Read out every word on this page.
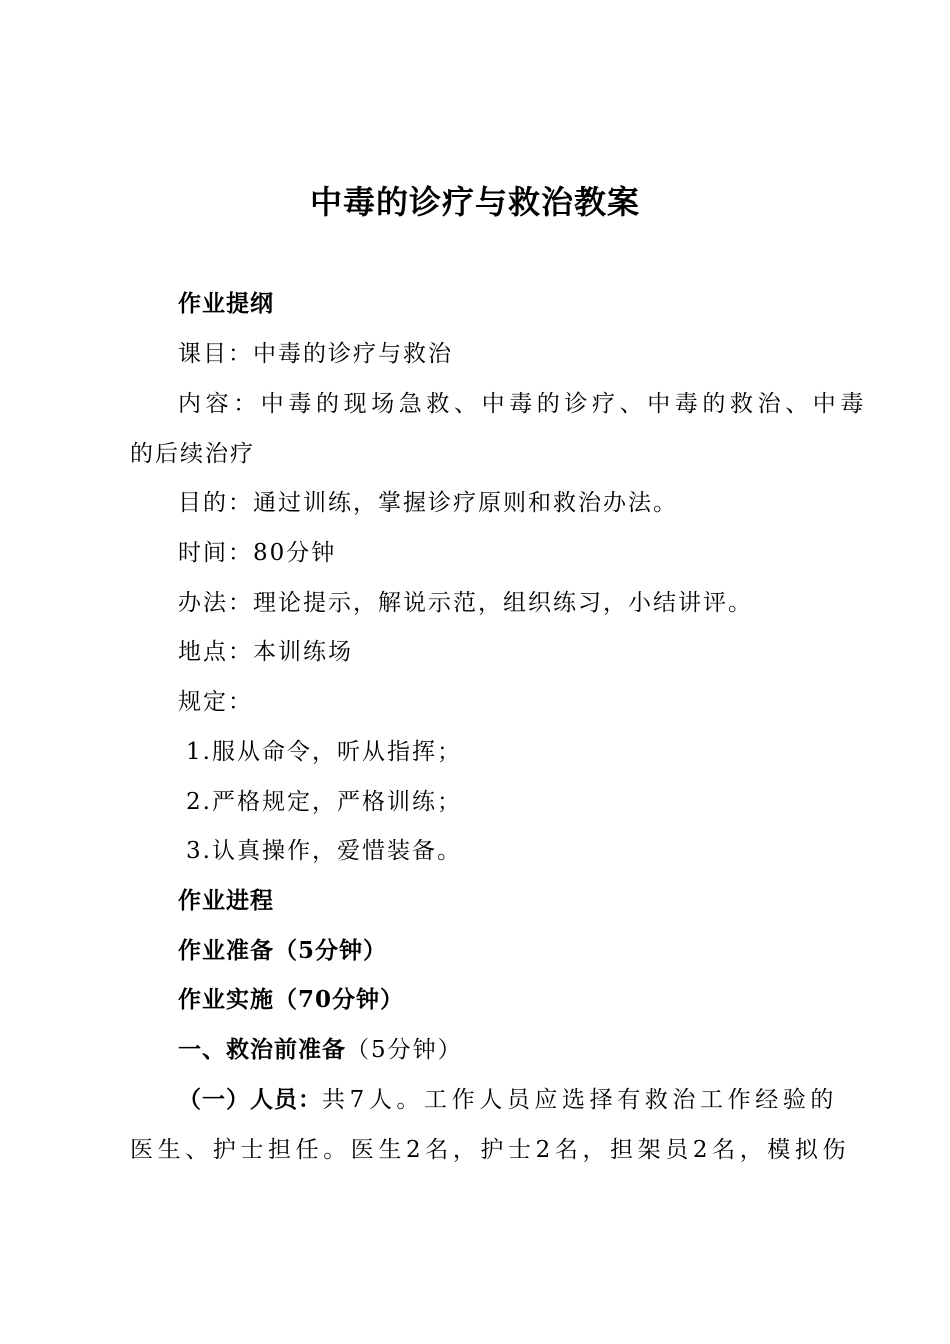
中毒的诊疗与救治教案
作业提纲
课目：中毒的诊疗与救治
内容：中毒的现场急救、中毒的诊疗、中毒的救治、中毒
的后续治疗
目的：通过训练，掌握诊疗原则和救治办法。
时间：80分钟
办法：理论提示，解说示范，组织练习，小结讲评。
地点：本训练场
规定：
1.服从命令，听从指挥；
2.严格规定，严格训练；
3.认真操作，爱惜装备。
作业进程
作业准备（5分钟）
作业实施（70分钟）
一、救治前准备（5分钟）
（一）人员：共7人。工作人员应选择有救治工作经验的
医生、护士担任。医生2名，护士2名，担架员2名，模拟伤
